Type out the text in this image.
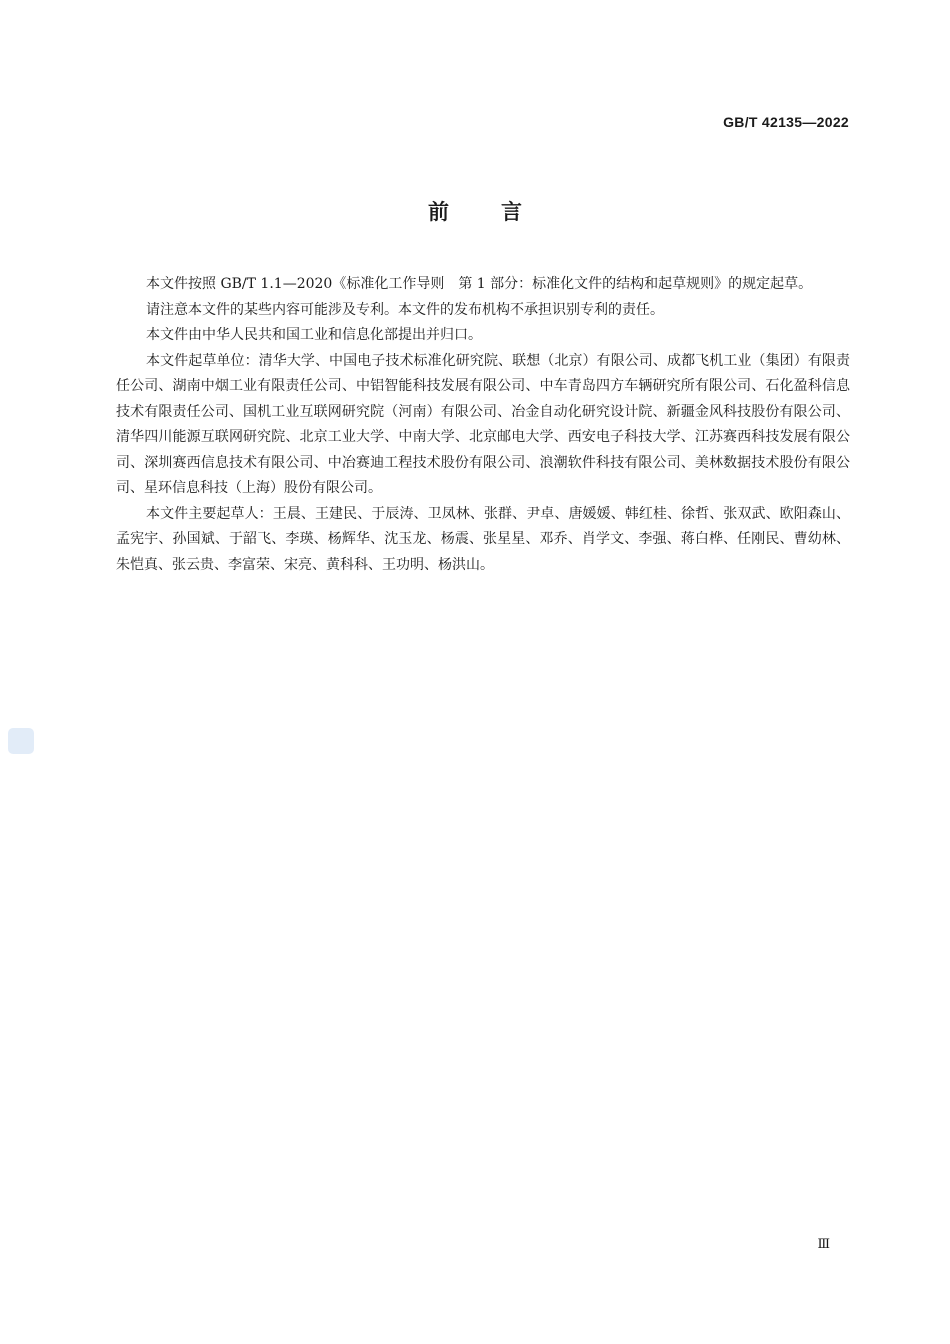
GB/T 42135—2022
前言

本文件按照 GB/T 1.1—2020《标准化工作导则　第 1 部分：标准化文件的结构和起草规则》的规定起草。

请注意本文件的某些内容可能涉及专利。本文件的发布机构不承担识别专利的责任。

本文件由中华人民共和国工业和信息化部提出并归口。

本文件起草单位：清华大学、中国电子技术标准化研究院、联想（北京）有限公司、成都飞机工业（集团）有限责任公司、湖南中烟工业有限责任公司、中铝智能科技发展有限公司、中车青岛四方车辆研究所有限公司、石化盈科信息技术有限责任公司、国机工业互联网研究院（河南）有限公司、冶金自动化研究设计院、新疆金风科技股份有限公司、清华四川能源互联网研究院、北京工业大学、中南大学、北京邮电大学、西安电子科技大学、江苏赛西科技发展有限公司、深圳赛西信息技术有限公司、中冶赛迪工程技术股份有限公司、浪潮软件科技有限公司、美林数据技术股份有限公司、星环信息科技（上海）股份有限公司。

本文件主要起草人：王晨、王建民、于辰涛、卫凤林、张群、尹卓、唐媛媛、韩红桂、徐哲、张双武、欧阳森山、孟宪宇、孙国斌、于韶飞、李瑛、杨辉华、沈玉龙、杨震、张星星、邓乔、肖学文、李强、蒋白桦、任刚民、曹幼林、朱恺真、张云贵、李富荣、宋亮、黄科科、王功明、杨洪山。

Ⅲ
